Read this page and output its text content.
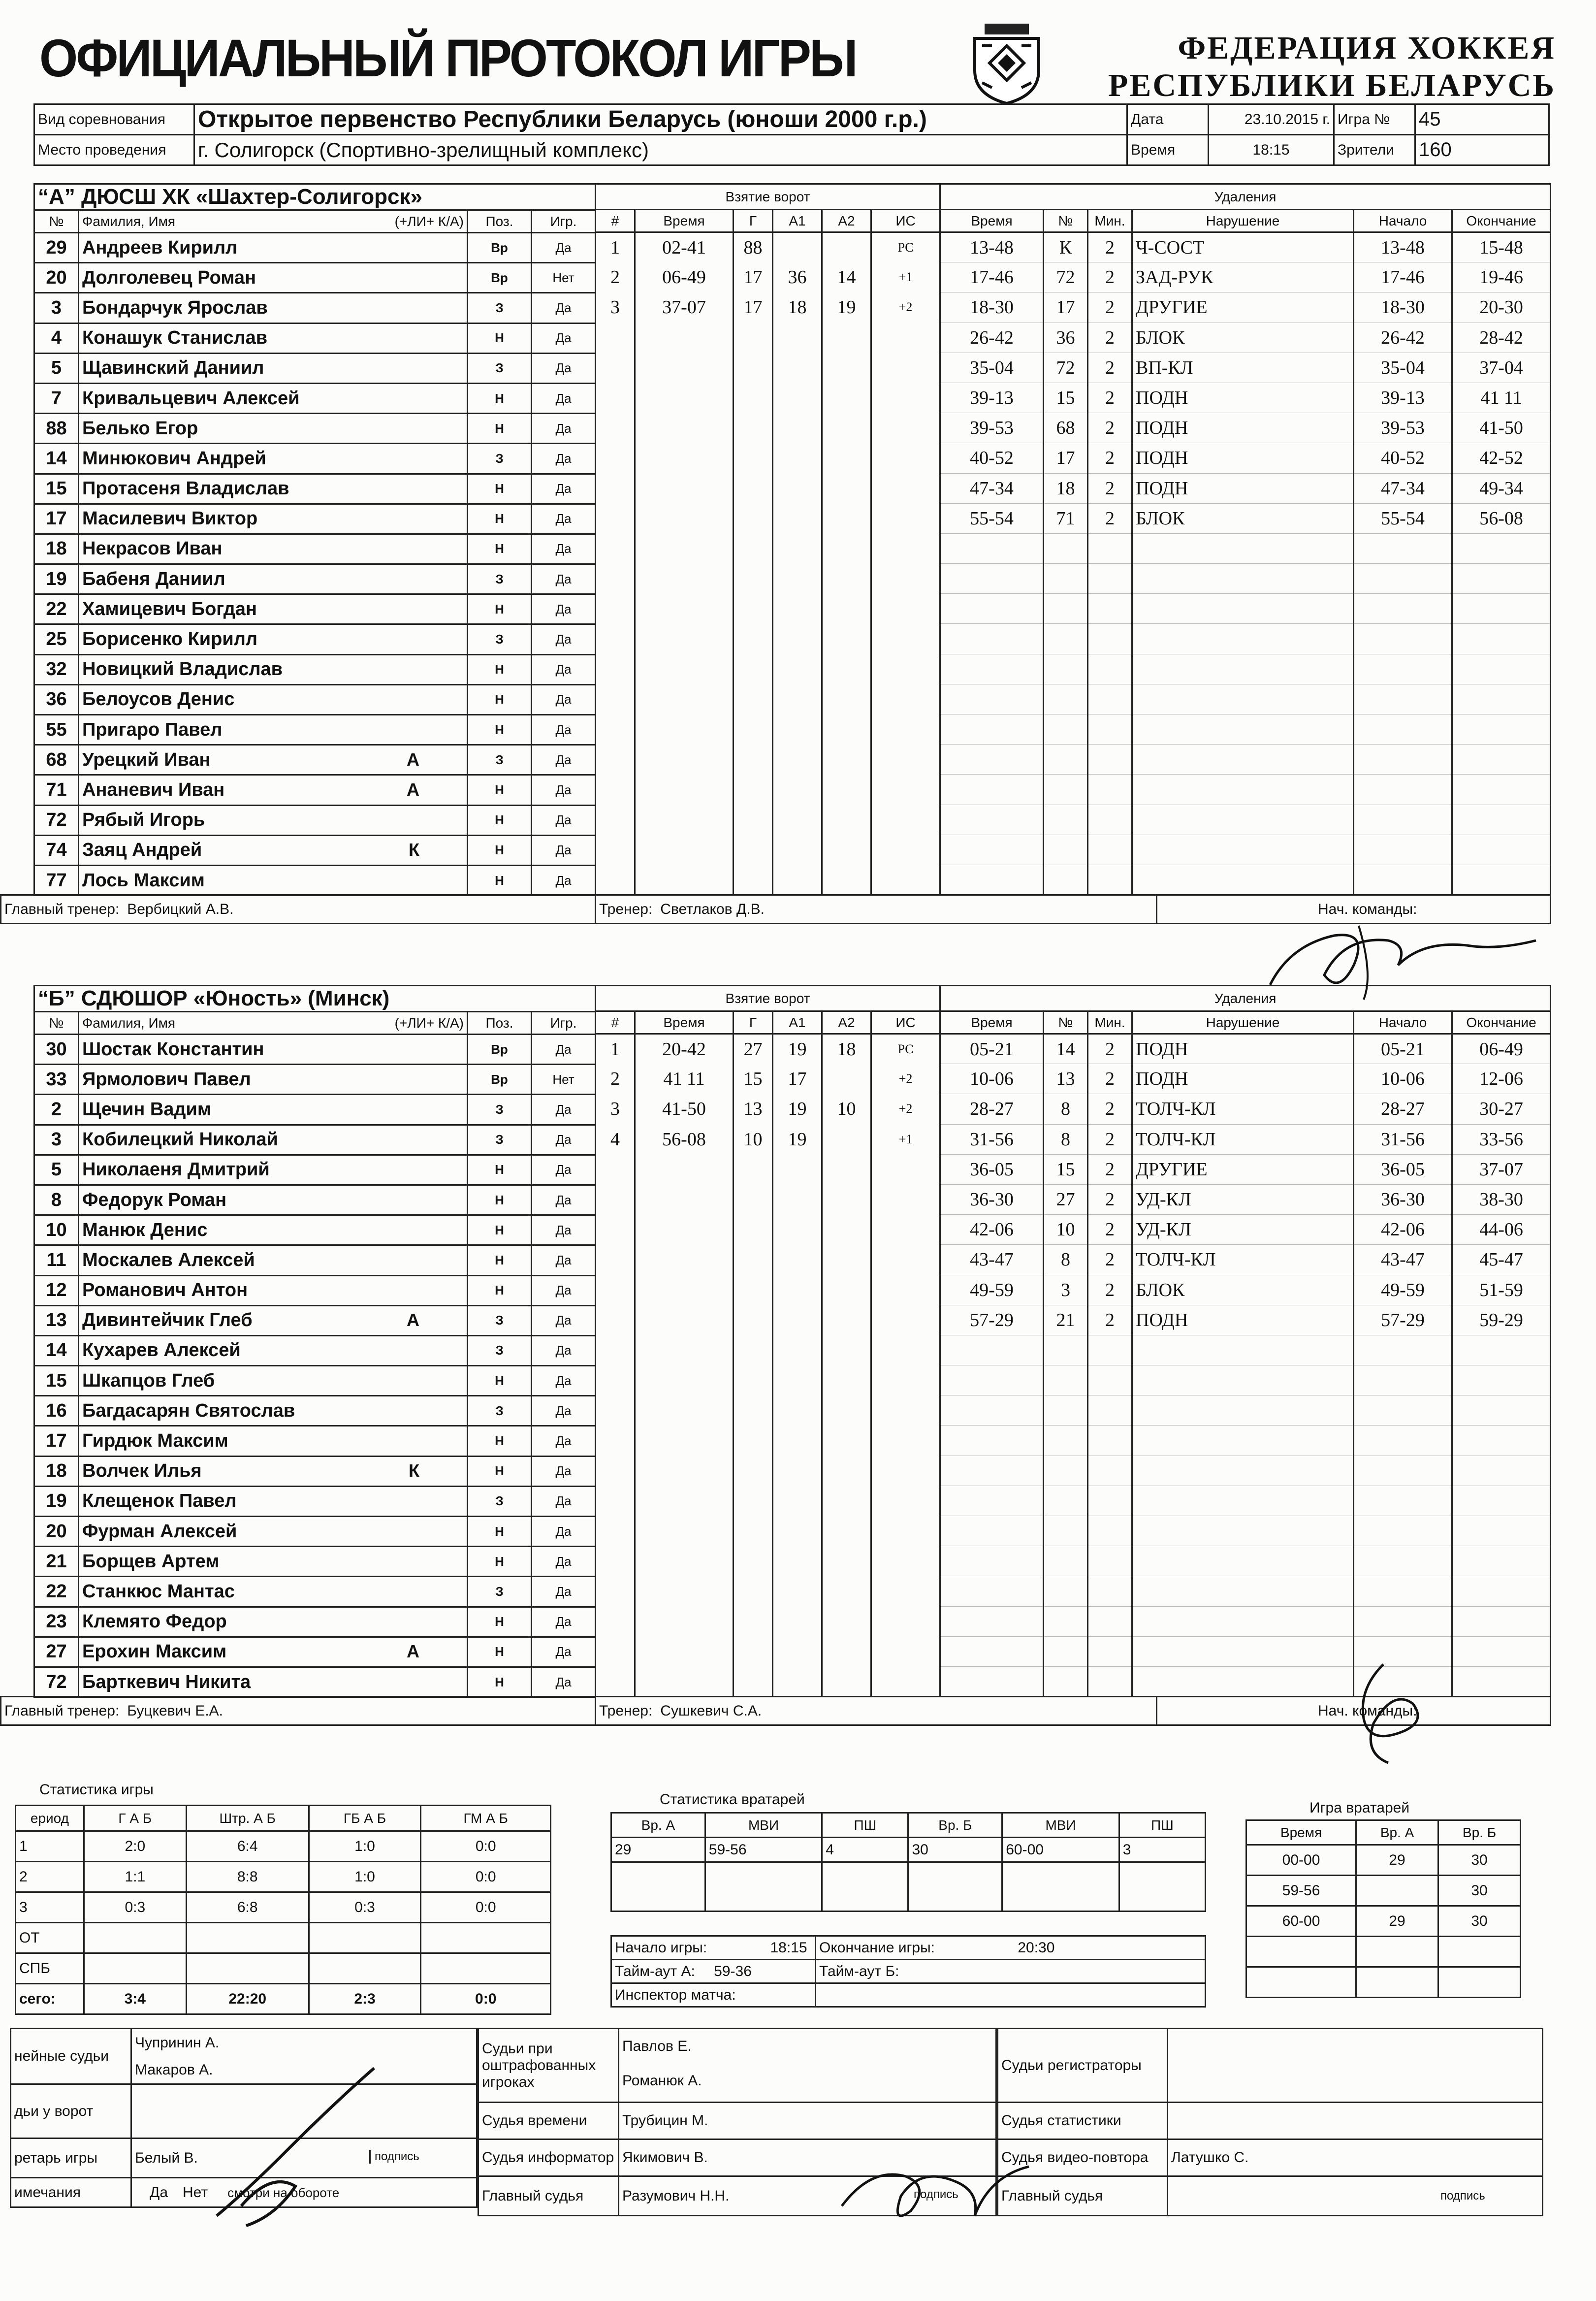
ОФИЦИАЛЬНЫЙ ПРОТОКОЛ ИГРЫ	ФЕДЕРАЦИЯ ХОККЕЯ
РЕСПУБЛИКИ БЕЛАРУСЬ
Вид соревнования	Открытое первенство Республики Беларусь (юноши 2000 г.р.)	Дата	23.10.2015 г.	Игра №	45
Место проведения	г. Солигорск (Спортивно-зрелищный комплекс)	Время	18:15	Зрители	160
“А” ДЮСШ ХК «Шахтер-Солигорск»			
№	Фамилия, Имя (+ЛИ+ К/А)	Поз.	Игр.
29	Андреев Кирилл	Вр	Да
20	Долголевец Роман	Вр	Нет
3	Бондарчук Ярослав	З	Да
4	Конашук Станислав	Н	Да
5	Щавинский Даниил	З	Да
7	Кривальцевич Алексей	Н	Да
88	Белько Егор	Н	Да
14	Минюкович Андрей	З	Да
15	Протасеня Владислав	Н	Да
17	Масилевич Виктор	Н	Да
18	Некрасов Иван	Н	Да
19	Бабеня Даниил	З	Да
22	Хамицевич Богдан	Н	Да
25	Борисенко Кирилл	З	Да
32	Новицкий Владислав	Н	Да
36	Белоусов Денис	Н	Да
55	Пригаро Павел	Н	Да
68	Урецкий Иван А	З	Да
71	Ананевич Иван А	Н	Да
72	Рябый Игорь	Н	Да
74	Заяц Андрей К	Н	Да
77	Лось Максим	Н	Да
Взятие ворот					
#	Время	Г	А1	А2	ИС
1	02-41	88			РС
2	06-49	17	36	14	+1
3	37-07	17	18	19	+2

Удаления					
Время	№	Мин.	Нарушение	Начало	Окончание
13-48	К	2	Ч-СОСТ	13-48	15-48
17-46	72	2	ЗАД-РУК	17-46	19-46
18-30	17	2	ДРУГИЕ	18-30	20-30
26-42	36	2	БЛОК	26-42	28-42
35-04	72	2	ВП-КЛ	35-04	37-04
39-13	15	2	ПОДН	39-13	41 11
39-53	68	2	ПОДН	39-53	41-50
40-52	17	2	ПОДН	40-52	42-52
47-34	18	2	ПОДН	47-34	49-34
55-54	71	2	БЛОК	55-54	56-08

Главный тренер: Вербицкий А.В.	Тренер: Светлаков Д.В.	Нач. команды:
“Б” СДЮШОР «Юность» (Минск)			
№	Фамилия, Имя (+ЛИ+ К/А)	Поз.	Игр.
30	Шостак Константин	Вр	Да
33	Ярмолович Павел	Вр	Нет
2	Щечин Вадим	З	Да
3	Кобилецкий Николай	З	Да
5	Николаеня Дмитрий	Н	Да
8	Федорук Роман	Н	Да
10	Манюк Денис	Н	Да
11	Москалев Алексей	Н	Да
12	Романович Антон	Н	Да
13	Дивинтейчик Глеб А	З	Да
14	Кухарев Алексей	З	Да
15	Шкапцов Глеб	Н	Да
16	Багдасарян Святослав	З	Да
17	Гирдюк Максим	Н	Да
18	Волчек Илья К	Н	Да
19	Клещенок Павел	З	Да
20	Фурман Алексей	Н	Да
21	Борщев Артем	Н	Да
22	Станкюс Мантас	З	Да
23	Клемято Федор	Н	Да
27	Ерохин Максим А	Н	Да
72	Барткевич Никита	Н	Да
Взятие ворот					
#	Время	Г	А1	А2	ИС
1	20-42	27	19	18	РС
2	41 11	15	17		+2
3	41-50	13	19	10	+2
4	56-08	10	19		+1

Удаления					
Время	№	Мин.	Нарушение	Начало	Окончание
05-21	14	2	ПОДН	05-21	06-49
10-06	13	2	ПОДН	10-06	12-06
28-27	8	2	ТОЛЧ-КЛ	28-27	30-27
31-56	8	2	ТОЛЧ-КЛ	31-56	33-56
36-05	15	2	ДРУГИЕ	36-05	37-07
36-30	27	2	УД-КЛ	36-30	38-30
42-06	10	2	УД-КЛ	42-06	44-06
43-47	8	2	ТОЛЧ-КЛ	43-47	45-47
49-59	3	2	БЛОК	49-59	51-59
57-29	21	2	ПОДН	57-29	59-29

Главный тренер: Буцкевич Е.А.	Тренер: Сушкевич С.А.	Нач. команды:
Статистика игры
ериод	Г А Б	Штр. А Б	ГБ А Б	ГМ А Б
1	2:0	6:4	1:0	0:0
2	1:1	8:8	1:0	0:0
3	0:3	6:8	0:3	0:0
ОТ				
СПБ				
сего:	3:4	22:20	2:3	0:0
Статистика вратарей
Вр. А	МВИ	ПШ	Вр. Б	МВИ	ПШ
29	59-56	4	30	60-00	3

Начало игры: 18:15	Окончание игры: 20:30
Тайм-аут А: 59-36	Тайм-аут Б:
Инспектор матча:	
Игра вратарей
Время	Вр. А	Вр. Б
00-00	29	30
59-56		30
60-00	29	30

нейные судьи	Чупринин А.
Макаров А.

дьи у ворот	
ретарь игры	Белый В. подпись

имечания	Да Нет смотри на обороте
Судьи при оштрафованных игроках	Павлов Е.
Романюк А.

Судья времени	Трубицин М.
Судья информатор	Якимович В.
Главный судья	Разумович Н.Н. подпись
Судьи регистраторы	
Судья статистики	
Судья видео-повтора	Латушко С.
Главный судья	подпись
